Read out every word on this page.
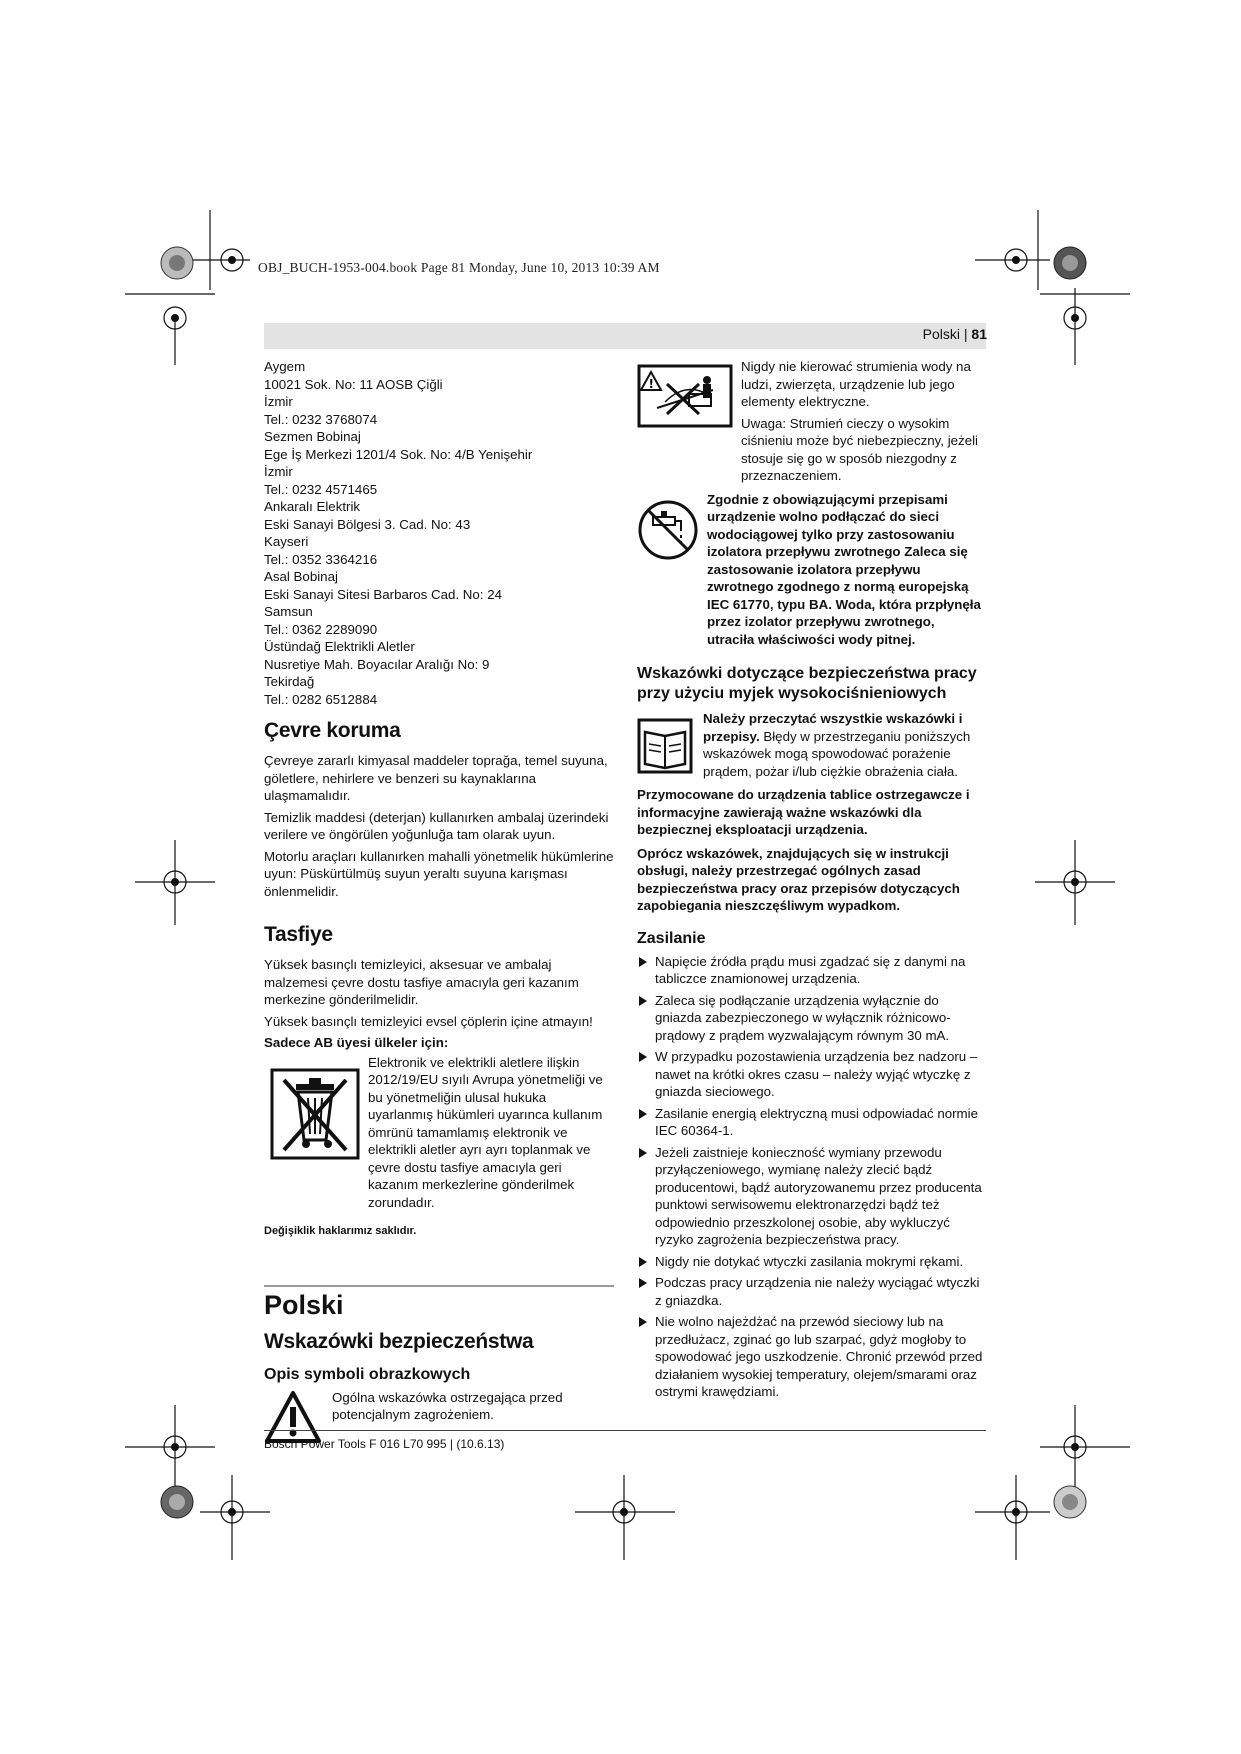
OBJ_BUCH-1953-004.book Page 81 Monday, June 10, 2013 10:39 AM
Polski | 81

Aygem

10021 Sok. No: 11 AOSB Çiğli

İzmir

Tel.: 0232 3768074

Sezmen Bobinaj

Ege İş Merkezi 1201/4 Sok. No: 4/B Yenişehir

İzmir

Tel.: 0232 4571465

Ankaralı Elektrik

Eski Sanayi Bölgesi 3. Cad. No: 43

Kayseri

Tel.: 0352 3364216

Asal Bobinaj

Eski Sanayi Sitesi Barbaros Cad. No: 24

Samsun

Tel.: 0362 2289090

Üstündağ Elektrikli Aletler

Nusretiye Mah. Boyacılar Aralığı No: 9

Tekirdağ

Tel.: 0282 6512884

Çevre koruma

Çevreye zararlı kimyasal maddeler toprağa, temel suyuna, göletlere, nehirlere ve benzeri su kaynaklarına ulaşmamalıdır.

Temizlik maddesi (deterjan) kullanırken ambalaj üzerindeki verilere ve öngörülen yoğunluğa tam olarak uyun.

Motorlu araçları kullanırken mahalli yönetmelik hükümlerine uyun: Püskürtülmüş suyun yeraltı suyuna karışması önlenmelidir.

Tasfiye

Yüksek basınçlı temizleyici, aksesuar ve ambalaj malzemesi çevre dostu tasfiye amacıyla geri kazanım merkezine gönderilmelidir.

Yüksek basınçlı temizleyici evsel çöplerin içine atmayın!

Sadece AB üyesi ülkeler için:

Elektronik ve elektrikli aletlere ilişkin 2012/19/EU sıyılı Avrupa yönetmeliği ve bu yönetmeliğin ulusal hukuka uyarlanmış hükümleri uyarınca kullanım ömrünü tamamlamış elektronik ve elektrikli aletler ayrı ayrı toplanmak ve çevre dostu tasfiye amacıyla geri kazanım merkezlerine gönderilmek zorundadır.

Değişiklik haklarımız saklıdır.

Polski
Wskazówki bezpieczeństwa
Opis symboli obrazkowych

Ogólna wskazówka ostrzegająca przed potencjalnym zagrożeniem.

!

Nigdy nie kierować strumienia wody na ludzi, zwierzęta, urządzenie lub jego elementy elektryczne.

Uwaga: Strumień cieczy o wysokim ciśnieniu może być niebezpieczny, jeżeli stosuje się go w sposób niezgodny z przeznaczeniem.

Zgodnie z obowiązującymi przepisami urządzenie wolno podłączać do sieci wodociągowej tylko przy zastosowaniu izolatora przepływu zwrotnego Zaleca się zastosowanie izolatora przepływu zwrotnego zgodnego z normą europejską IEC 61770, typu BA. Woda, która przpłynęła przez izolator przepływu zwrotnego, utraciła właściwości wody pitnej.

Wskazówki dotyczące bezpieczeństwa pracy przy użyciu myjek wysokociśnieniowych

Należy przeczytać wszystkie wskazówki i przepisy. Błędy w przestrzeganiu poniższych wskazówek mogą spowodować porażenie prądem, pożar i/lub ciężkie obrażenia ciała.

Przymocowane do urządzenia tablice ostrzegawcze i informacyjne zawierają ważne wskazówki dla bezpiecznej eksploatacji urządzenia.

Oprócz wskazówek, znajdujących się w instrukcji obsługi, należy przestrzegać ogólnych zasad bezpieczeństwa pracy oraz przepisów dotyczących zapobiegania nieszczęśliwym wypadkom.

Zasilanie
Napięcie źródła prądu musi zgadzać się z danymi na tabliczce znamionowej urządzenia.
Zaleca się podłączanie urządzenia wyłącznie do gniazda zabezpieczonego w wyłącznik różnicowo-prądowy z prądem wyzwalającym równym 30 mA.
W przypadku pozostawienia urządzenia bez nadzoru – nawet na krótki okres czasu – należy wyjąć wtyczkę z gniazda sieciowego.
Zasilanie energią elektryczną musi odpowiadać normie IEC 60364-1.
Jeżeli zaistnieje konieczność wymiany przewodu przyłączeniowego, wymianę należy zlecić bądź producentowi, bądź autoryzowanemu przez producenta punktowi serwisowemu elektronarzędzi bądź też odpowiednio przeszkolonej osobie, aby wykluczyć ryzyko zagrożenia bezpieczeństwa pracy.
Nigdy nie dotykać wtyczki zasilania mokrymi rękami.
Podczas pracy urządzenia nie należy wyciągać wtyczki z gniazdka.
Nie wolno najeżdżać na przewód sieciowy lub na przedłużacz, zginać go lub szarpać, gdyż mogłoby to spowodować jego uszkodzenie. Chronić przewód przed działaniem wysokiej temperatury, olejem/smarami oraz ostrymi krawędziami.
Bosch Power Tools F 016 L70 995 | (10.6.13)
